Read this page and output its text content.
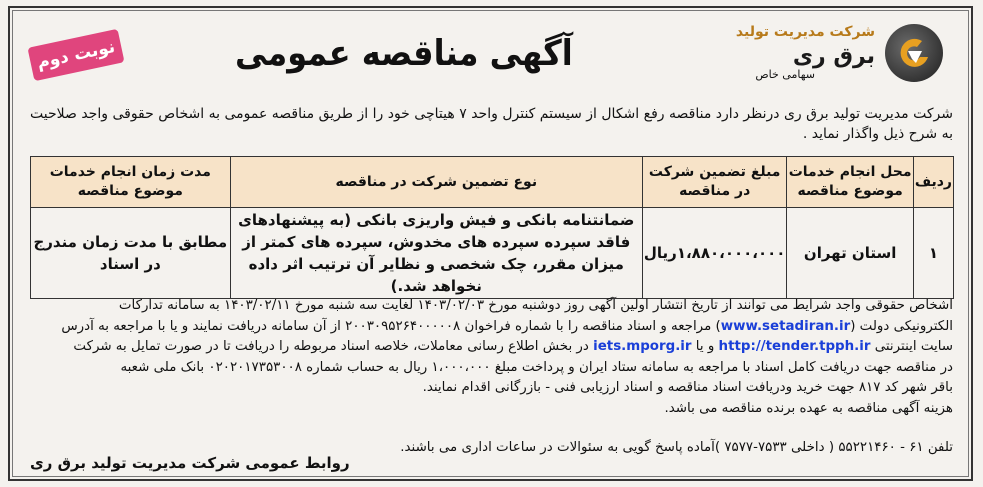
شرکت مدیریت تولید
برق ری
سهامی خاص
آگهی مناقصه عمومی
نوبت دوم
شرکت مدیریت تولید برق ری درنظر دارد مناقصه رفع اشکال از سیستم کنترل واحد ۷ هیتاچی خود را از طریق مناقصه عمومی به اشخاص حقوقی واجد صلاحیت به شرح ذیل واگذار نماید .
ردیف	محل انجام خدمات موضوع مناقصه	مبلغ تضمین شرکت در مناقصه	نوع تضمین شرکت در مناقصه	مدت زمان انجام خدمات موضوع مناقصه
۱	استان تهران	۱،۸۸۰،۰۰۰،۰۰۰ریال	ضمانتنامه بانکی و فیش واریزی بانکی (به پیشنهادهای فاقد سپرده سپرده های مخدوش، سپرده های کمتر از میزان مقرر، چک شخصی و نظایر آن ترتیب اثر داده نخواهد شد.)	مطابق با مدت زمان مندرج در اسناد
اشخاص حقوقی واجد شرایط می توانند از تاریخ انتشار اولین آگهی روز دوشنبه مورخ ۱۴۰۳/۰۲/۰۳ لغایت سه شنبه مورخ ۱۴۰۳/۰۲/۱۱ به سامانه تدارکات
الکترونیکی دولت (www.setadiran.ir) مراجعه و اسناد مناقصه را با شماره فراخوان ۲۰۰۳۰۹۵۲۶۴۰۰۰۰۰۸ از آن سامانه دریافت نمایند و یا با مراجعه به آدرس
سایت اینترنتی http://tender.tpph.ir و یا iets.mporg.ir در بخش اطلاع رسانی معاملات، خلاصه اسناد مربوطه را دریافت تا در صورت تمایل به شرکت
در مناقصه جهت دریافت کامل اسناد با مراجعه به سامانه ستاد ایران و پرداخت مبلغ ۱،۰۰۰،۰۰۰ ریال به حساب شماره ۰۲۰۲۰۱۷۳۵۳۰۰۸ بانک ملی شعبه
باقر شهر کد ۸۱۷ جهت خرید ودریافت اسناد مناقصه و اسناد ارزیابی فنی - بازرگانی اقدام نمایند.
هزینه آگهی مناقصه به عهده برنده مناقصه می باشد.
تلفن ۶۱ - ۵۵۲۲۱۴۶۰ ( داخلی ۷۵۳۳-۷۵۷۷ )آماده پاسخ گویی به سئوالات در ساعات اداری می باشند.
روابط عمومی شرکت مدیریت تولید برق ری
